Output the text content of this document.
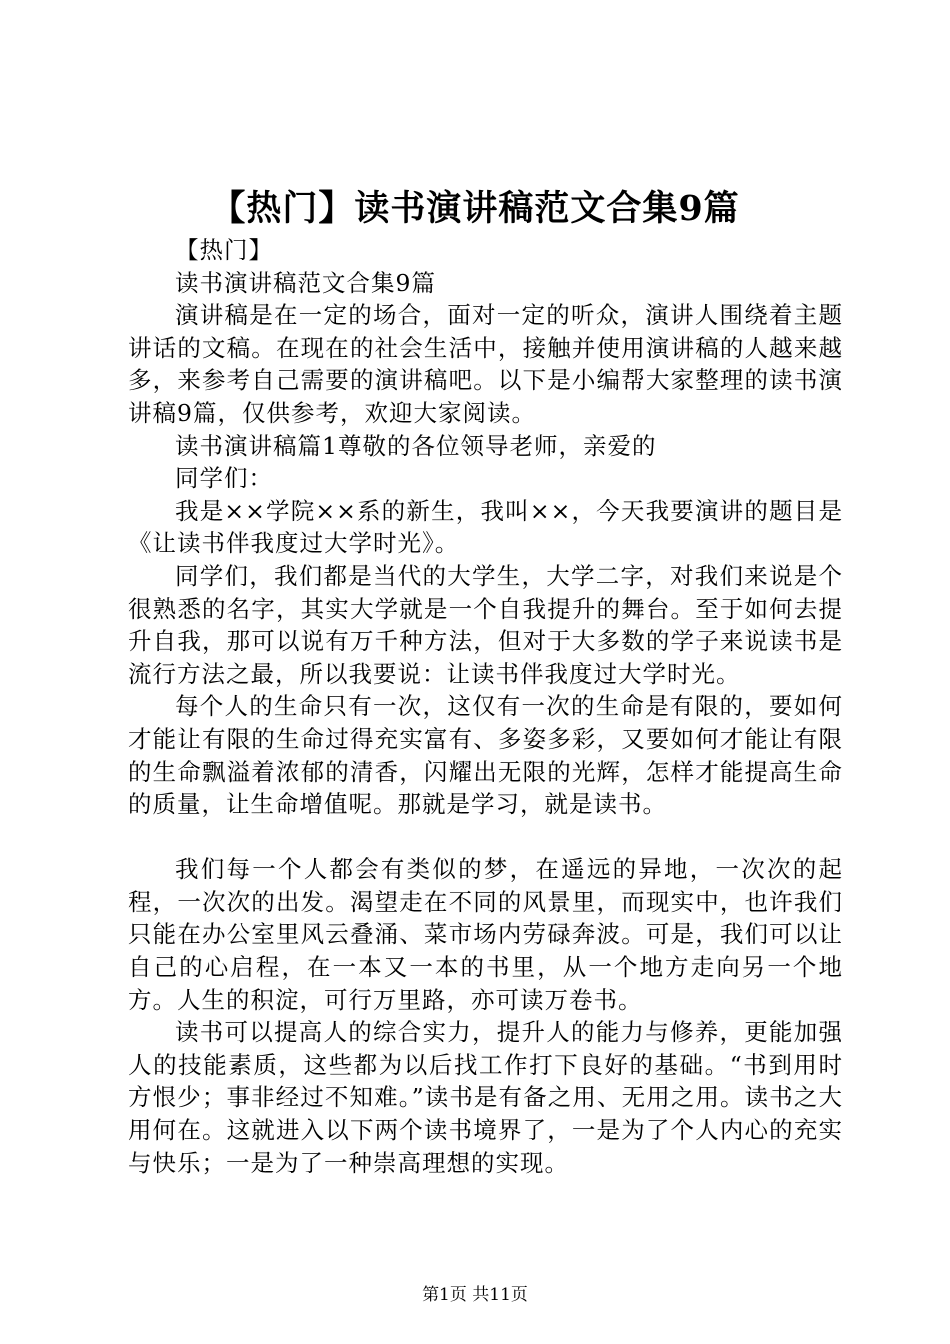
【热门】读书演讲稿范文合集9篇

【热门】

读书演讲稿范文合集9篇

演讲稿是在一定的场合，面对一定的听众，演讲人围绕着主题讲话的文稿。在现在的社会生活中，接触并使用演讲稿的人越来越多，来参考自己需要的演讲稿吧。以下是小编帮大家整理的读书演讲稿9篇，仅供参考，欢迎大家阅读。

读书演讲稿篇1尊敬的各位领导老师，亲爱的

同学们：

我是××学院××系的新生，我叫××，今天我要演讲的题目是《让读书伴我度过大学时光》。

同学们，我们都是当代的大学生，大学二字，对我们来说是个很熟悉的名字，其实大学就是一个自我提升的舞台。至于如何去提升自我，那可以说有万千种方法，但对于大多数的学子来说读书是流行方法之最，所以我要说：让读书伴我度过大学时光。

每个人的生命只有一次，这仅有一次的生命是有限的，要如何才能让有限的生命过得充实富有、多姿多彩，又要如何才能让有限的生命飘溢着浓郁的清香，闪耀出无限的光辉，怎样才能提高生命的质量，让生命增值呢。那就是学习，就是读书。

我们每一个人都会有类似的梦，在遥远的异地，一次次的起程，一次次的出发。渴望走在不同的风景里，而现实中，也许我们只能在办公室里风云叠涌、菜市场内劳碌奔波。可是，我们可以让自己的心启程，在一本又一本的书里，从一个地方走向另一个地方。人生的积淀，可行万里路，亦可读万卷书。

读书可以提高人的综合实力，提升人的能力与修养，更能加强人的技能素质，这些都为以后找工作打下良好的基础。“书到用时方恨少；事非经过不知难。”读书是有备之用、无用之用。读书之大用何在。这就进入以下两个读书境界了，一是为了个人内心的充实与快乐；一是为了一种崇高理想的实现。

第1页 共11页
